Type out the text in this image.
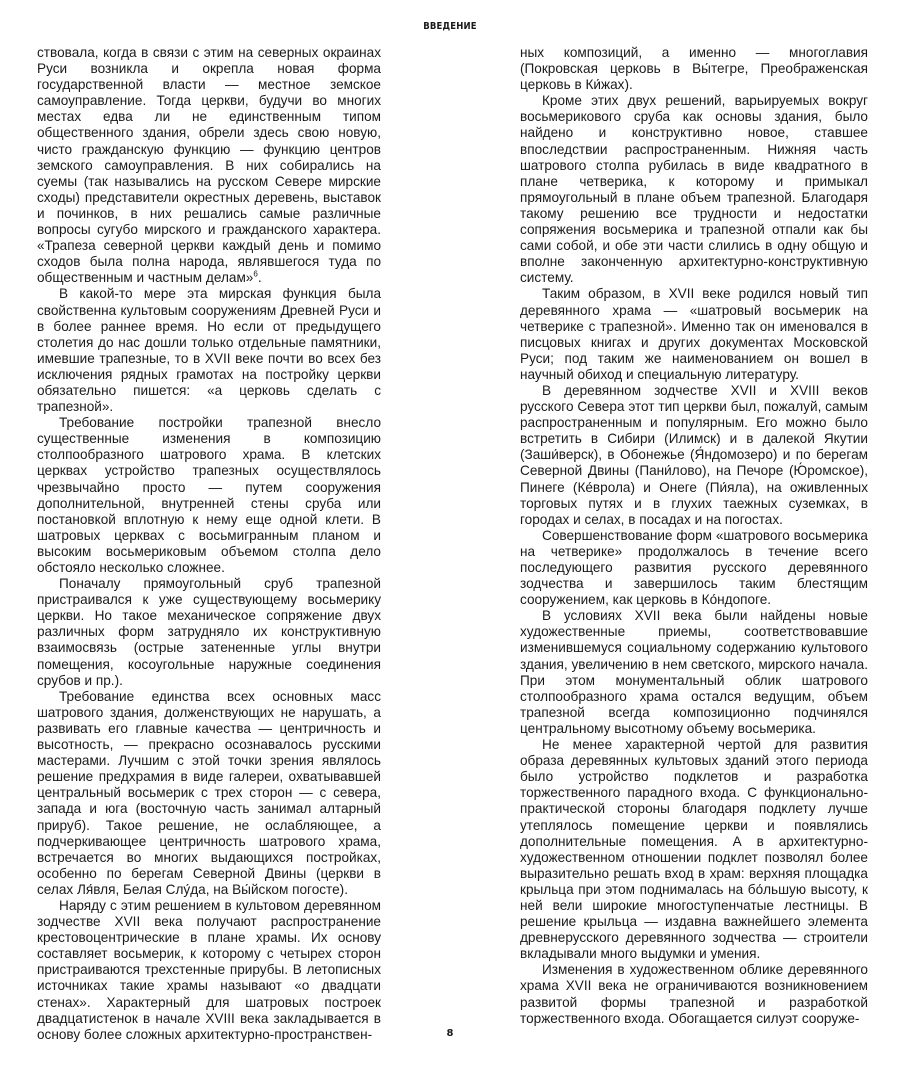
ВВЕДЕНИЕ

ствовала, когда в связи с этим на северных окраинах Руси возникла и окрепла новая форма государственной власти — местное земское самоуправление. Тогда церкви, будучи во многих местах едва ли не единственным типом общественного здания, обрели здесь свою новую, чисто гражданскую функцию — функцию центров земского самоуправления. В них собирались на суемы (так назывались на русском Севере мирские сходы) представители окрестных деревень, выставок и починков, в них решались самые различные вопросы сугубо мирского и гражданского характера. «Трапеза северной церкви каждый день и помимо сходов была полна народа, являвшегося туда по общественным и частным делам»$^6$.

В какой-то мере эта мирская функция была свойственна культовым сооружениям Древней Руси и в более раннее время. Но если от предыдущего столетия до нас дошли только отдельные памятники, имевшие трапезные, то в XVII веке почти во всех без исключения рядных грамотах на постройку церкви обязательно пишется: «а церковь сделать с трапезной».

Требование постройки трапезной внесло существенные изменения в композицию столпообразного шатрового храма. В клетских церквах устройство трапезных осуществлялось чрезвычайно просто — путем сооружения дополнительной, внутренней стены сруба или постановкой вплотную к нему еще одной клети. В шатровых церквах с восьмигранным планом и высоким восьмериковым объемом столпа дело обстояло несколько сложнее.

Поначалу прямоугольный сруб трапезной пристраивался к уже существующему восьмерику церкви. Но такое механическое сопряжение двух различных форм затрудняло их конструктивную взаимосвязь (острые затененные углы внутри помещения, косоугольные наружные соединения срубов и пр.).

Требование единства всех основных масс шатрового здания, долженствующих не нарушать, а развивать его главные качества — центричность и высотность, — прекрасно осознавалось русскими мастерами. Лучшим с этой точки зрения являлось решение предхрамия в виде галереи, охватывавшей центральный восьмерик с трех сторон — с севера, запада и юга (восточную часть занимал алтарный прируб). Такое решение, не ослабляющее, а подчеркивающее центричность шатрового храма, встречается во многих выдающихся постройках, особенно по берегам Северной Двины (церкви в селах Ля́вля, Белая Слу́да, на Вы́йском погосте).

Наряду с этим решением в культовом деревянном зодчестве XVII века получают распространение крестовоцентрические в плане храмы. Их основу составляет восьмерик, к которому с четырех сторон пристраиваются трехстенные прирубы. В летописных источниках такие храмы называют «о двадцати стенах». Характерный для шатровых построек двадцатистенок в начале XVIII века закладывается в основу более сложных архитектурно-пространствен-

ных композиций, а именно — многоглавия (Покровская церковь в Вы́тегре, Преображенская церковь в Ки́жах).

Кроме этих двух решений, варьируемых вокруг восьмерикового сруба как основы здания, было найдено и конструктивно новое, ставшее впоследствии распространенным. Нижняя часть шатрового столпа рубилась в виде квадратного в плане четверика, к которому и примыкал прямоугольный в плане объем трапезной. Благодаря такому решению все трудности и недостатки сопряжения восьмерика и трапезной отпали как бы сами собой, и обе эти части слились в одну общую и вполне законченную архитектурно-конструктивную систему.

Таким образом, в XVII веке родился новый тип деревянного храма — «шатровый восьмерик на четверике с трапезной». Именно так он именовался в писцовых книгах и других документах Московской Руси; под таким же наименованием он вошел в научный обиход и специальную литературу.

В деревянном зодчестве XVII и XVIII веков русского Севера этот тип церкви был, пожалуй, самым распространенным и популярным. Его можно было встретить в Сибири (Илимск) и в далекой Якутии (Заши́верск), в Обонежье (Я́ндомозеро) и по берегам Северной Двины (Пани́лово), на Печоре (Ю́ромское), Пинеге (Ке́врола) и Онеге (Пи́яла), на оживленных торговых путях и в глухих таежных суземках, в городах и селах, в посадах и на погостах.

Совершенствование форм «шатрового восьмерика на четверике» продолжалось в течение всего последующего развития русского деревянного зодчества и завершилось таким блестящим сооружением, как церковь в Ко́ндопоге.

В условиях XVII века были найдены новые художественные приемы, соответствовавшие изменившемуся социальному содержанию культового здания, увеличению в нем светского, мирского начала. При этом монументальный облик шатрового столпообразного храма остался ведущим, объем трапезной всегда композиционно подчинялся центральному высотному объему восьмерика.

Не менее характерной чертой для развития образа деревянных культовых зданий этого периода было устройство подклетов и разработка торжественного парадного входа. С функционально-практической стороны благодаря подклету лучше утеплялось помещение церкви и появлялись дополнительные помещения. А в архитектурно-художественном отношении подклет позволял более выразительно решать вход в храм: верхняя площадка крыльца при этом поднималась на бо́льшую высоту, к ней вели широкие многоступенчатые лестницы. В решение крыльца — издавна важнейшего элемента древнерусского деревянного зодчества — строители вкладывали много выдумки и умения.

Изменения в художественном облике деревянного храма XVII века не ограничиваются возникновением развитой формы трапезной и разработкой торжественного входа. Обогащается силуэт сооруже-

8
